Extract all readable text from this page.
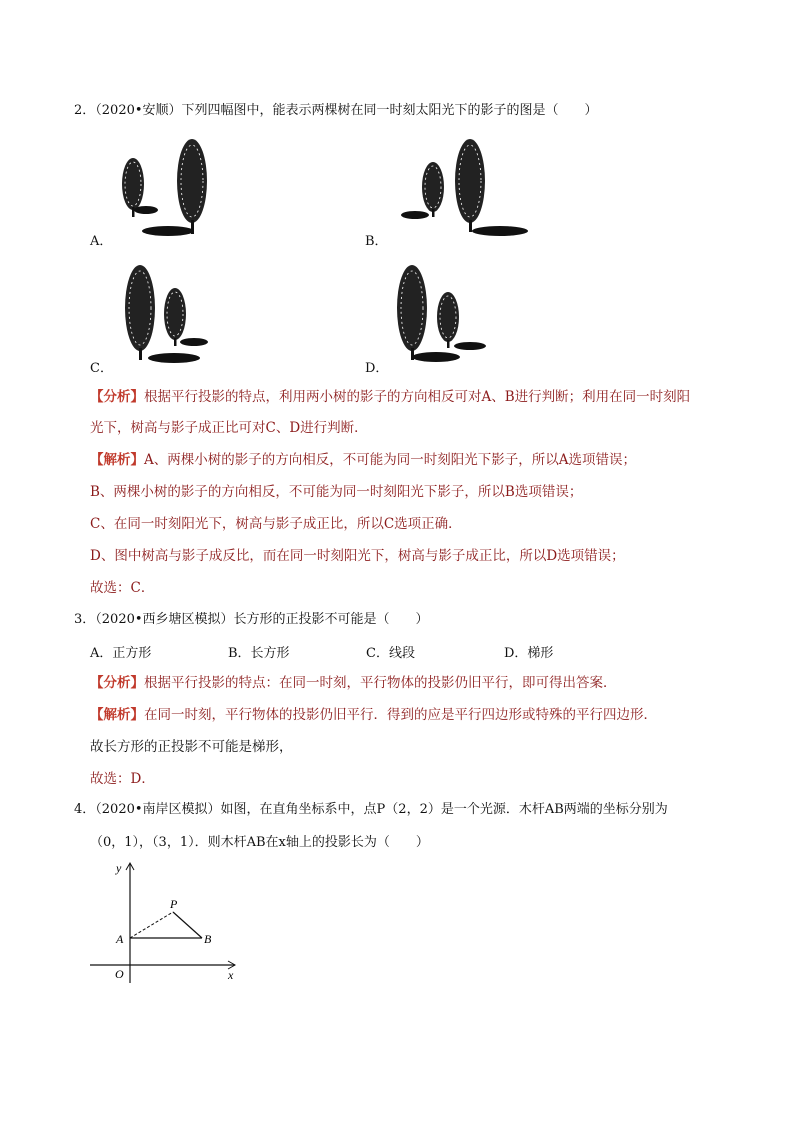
2．（2020•安顺）下列四幅图中，能表示两棵树在同一时刻太阳光下的影子的图是（　　）
A．	B．
C．	D．
【分析】根据平行投影的特点，利用两小树的影子的方向相反可对A、B进行判断；利用在同一时刻阳
光下，树高与影子成正比可对C、D进行判断．
【解析】A、两棵小树的影子的方向相反，不可能为同一时刻阳光下影子，所以A选项错误；
B、两棵小树的影子的方向相反，不可能为同一时刻阳光下影子，所以B选项错误；
C、在同一时刻阳光下，树高与影子成正比，所以C选项正确．
D、图中树高与影子成反比，而在同一时刻阳光下，树高与影子成正比，所以D选项错误；
故选：C．
3．（2020•西乡塘区模拟）长方形的正投影不可能是（　　）
A．正方形	B．长方形	C．线段	D．梯形
【分析】根据平行投影的特点：在同一时刻，平行物体的投影仍旧平行，即可得出答案．
【解析】在同一时刻，平行物体的投影仍旧平行．得到的应是平行四边形或特殊的平行四边形．
故长方形的正投影不可能是梯形，
故选：D．
4．（2020•南岸区模拟）如图，在直角坐标系中，点P（2，2）是一个光源．木杆AB两端的坐标分别为
（0，1），（3，1）．则木杆AB在x轴上的投影长为（　　）
y
x
P
A	B
O
